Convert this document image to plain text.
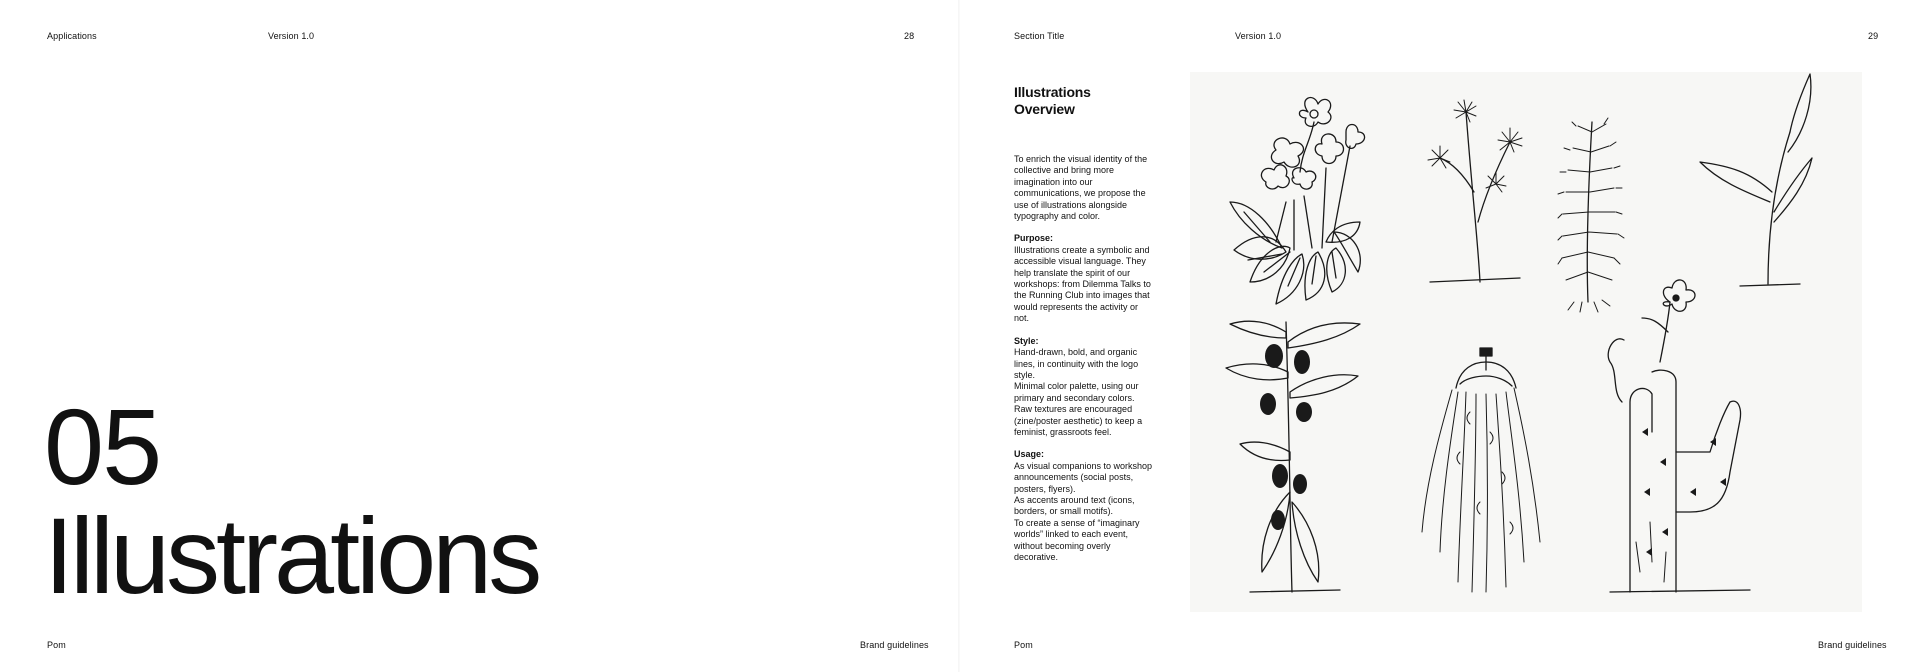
Applications	Version 1.0	28
05
Illustrations
Pom	Brand guidelines
Section Title	Version 1.0	29
Pom	Brand guidelines
Illustrations
Overview

To enrich the visual identity of the collective and bring more imagination into our communications, we propose the use of illustrations alongside typography and color.

Purpose:
Illustrations create a symbolic and accessible visual language. They help translate the spirit of our workshops: from Dilemma Talks to the Running Club into images that would represents the activity or not.

Style:
Hand-drawn, bold, and organic lines, in continuity with the logo style.
Minimal color palette, using our primary and secondary colors.
Raw textures are encouraged (zine/poster aesthetic) to keep a feminist, grassroots feel.

Usage:
As visual companions to workshop announcements (social posts, posters, flyers).
As accents around text (icons, borders, or small motifs).
To create a sense of “imaginary worlds” linked to each event, without becoming overly decorative.
